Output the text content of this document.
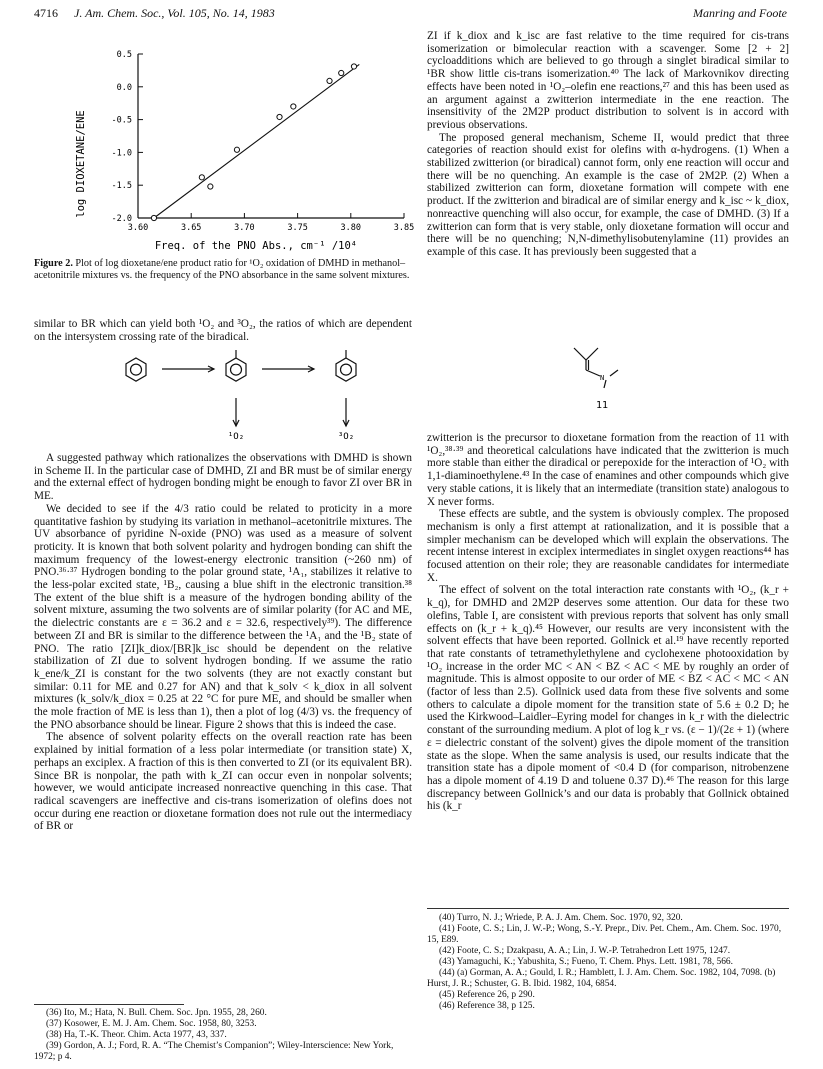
4716 J. Am. Chem. Soc., Vol. 105, No. 14, 1983	Manring and Foote
3.60	3.65	3.70	3.75	3.80	3.85
0.5
0.0
-0.5
-1.0
-1.5
-2.0
log DIOXETANE/ENE
Freq. of the PNO Abs., cm⁻¹ /10⁴
Figure 2. Plot of log dioxetane/ene product ratio for ¹O₂ oxidation of DMHD in methanol–acetonitrile mixtures vs. the frequency of the PNO absorbance in the same solvent mixtures.

similar to BR which can yield both ¹O₂ and ³O₂, the ratios of which are dependent on the intersystem crossing rate of the biradical.

¹O₂	³O₂

A suggested pathway which rationalizes the observations with DMHD is shown in Scheme II. In the particular case of DMHD, ZI and BR must be of similar energy and the external effect of hydrogen bonding might be enough to favor ZI over BR in ME.

We decided to see if the 4/3 ratio could be related to proticity in a more quantitative fashion by studying its variation in methanol–acetonitrile mixtures. The UV absorbance of pyridine N-oxide (PNO) was used as a measure of solvent proticity. It is known that both solvent polarity and hydrogen bonding can shift the maximum frequency of the lowest-energy electronic transition (~260 nm) of PNO.³⁶·³⁷ Hydrogen bonding to the polar ground state, ¹A₁, stabilizes it relative to the less-polar excited state, ¹B₂, causing a blue shift in the electronic transition.³⁸ The extent of the blue shift is a measure of the hydrogen bonding ability of the solvent mixture, assuming the two solvents are of similar polarity (for AC and ME, the dielectric constants are ε = 36.2 and ε = 32.6, respectively³⁹). The difference between ZI and BR is similar to the difference between the ¹A₁ and the ¹B₂ state of PNO. The ratio [ZI]k_diox/[BR]k_isc should be dependent on the relative stabilization of ZI due to solvent hydrogen bonding. If we assume the ratio k_ene/k_ZI is constant for the two solvents (they are not exactly constant but similar: 0.11 for ME and 0.27 for AN) and that k_solv < k_diox in all solvent mixtures (k_solv/k_diox = 0.25 at 22 °C for pure ME, and should be smaller when the mole fraction of ME is less than 1), then a plot of log (4/3) vs. the frequency of the PNO absorbance should be linear. Figure 2 shows that this is indeed the case.

The absence of solvent polarity effects on the overall reaction rate has been explained by initial formation of a less polar intermediate (or transition state) X, perhaps an exciplex. A fraction of this is then converted to ZI (or its equivalent BR). Since BR is nonpolar, the path with k_ZI can occur even in nonpolar solvents; however, we would anticipate increased nonreactive quenching in this case. That radical scavengers are ineffective and cis-trans isomerization of olefins does not occur during ene reaction or dioxetane formation does not rule out the intermediacy of BR or

(36) Ito, M.; Hata, N. Bull. Chem. Soc. Jpn. 1955, 28, 260.
(37) Kosower, E. M. J. Am. Chem. Soc. 1958, 80, 3253.
(38) Ha, T.-K. Theor. Chim. Acta 1977, 43, 337.
(39) Gordon, A. J.; Ford, R. A. “The Chemist’s Companion”; Wiley-Interscience: New York, 1972; p 4.

ZI if k_diox and k_isc are fast relative to the time required for cis-trans isomerization or bimolecular reaction with a scavenger. Some [2 + 2] cycloadditions which are believed to go through a singlet biradical similar to ¹BR show little cis-trans isomerization.⁴⁰ The lack of Markovnikov directing effects have been noted in ¹O₂–olefin ene reactions,²⁷ and this has been used as an argument against a zwitterion intermediate in the ene reaction. The insensitivity of the 2M2P product distribution to solvent is in accord with previous observations.

The proposed general mechanism, Scheme II, would predict that three categories of reaction should exist for olefins with α-hydrogens. (1) When a stabilized zwitterion (or biradical) cannot form, only ene reaction will occur and there will be no quenching. An example is the case of 2M2P. (2) When a stabilized zwitterion can form, dioxetane formation will compete with ene product. If the zwitterion and biradical are of similar energy and k_isc ~ k_diox, nonreactive quenching will also occur, for example, the case of DMHD. (3) If a zwitterion can form that is very stable, only dioxetane formation will occur and there will be no quenching; N,N-dimethylisobutenylamine (11) provides an example of this case. It has previously been suggested that a

N
11

zwitterion is the precursor to dioxetane formation from the reaction of 11 with ¹O₂,³⁸·³⁹ and theoretical calculations have indicated that the zwitterion is much more stable than either the diradical or perepoxide for the interaction of ¹O₂ with 1,1-diaminoethylene.⁴³ In the case of enamines and other compounds which give very stable cations, it is likely that an intermediate (transition state) analogous to X never forms.

These effects are subtle, and the system is obviously complex. The proposed mechanism is only a first attempt at rationalization, and it is possible that a simpler mechanism can be developed which will explain the observations. The recent intense interest in exciplex intermediates in singlet oxygen reactions⁴⁴ has focused attention on their role; they are reasonable candidates for intermediate X.

The effect of solvent on the total interaction rate constants with ¹O₂, (k_r + k_q), for DMHD and 2M2P deserves some attention. Our data for these two olefins, Table I, are consistent with previous reports that solvent has only small effects on (k_r + k_q).⁴⁵ However, our results are very inconsistent with the solvent effects that have been reported. Gollnick et al.¹⁹ have recently reported that rate constants of tetramethylethylene and cyclohexene photooxidation by ¹O₂ increase in the order MC < AN < BZ < AC < ME by roughly an order of magnitude. This is almost opposite to our order of ME < BZ < AC < MC < AN (factor of less than 2.5). Gollnick used data from these five solvents and some others to calculate a dipole moment for the transition state of 5.6 ± 0.2 D; he used the Kirkwood–Laidler–Eyring model for changes in k_r with the dielectric constant of the surrounding medium. A plot of log k_r vs. (ε − 1)/(2ε + 1) (where ε = dielectric constant of the solvent) gives the dipole moment of the transition state as the slope. When the same analysis is used, our results indicate that the transition state has a dipole moment of <0.4 D (for comparison, nitrobenzene has a dipole moment of 4.19 D and toluene 0.37 D).⁴⁶ The reason for this large discrepancy between Gollnick’s and our data is probably that Gollnick obtained his (k_r

(40) Turro, N. J.; Wriede, P. A. J. Am. Chem. Soc. 1970, 92, 320.
(41) Foote, C. S.; Lin, J. W.-P.; Wong, S.-Y. Prepr., Div. Pet. Chem., Am. Chem. Soc. 1970, 15, E89.
(42) Foote, C. S.; Dzakpasu, A. A.; Lin, J. W.-P. Tetrahedron Lett 1975, 1247.
(43) Yamaguchi, K.; Yabushita, S.; Fueno, T. Chem. Phys. Lett. 1981, 78, 566.
(44) (a) Gorman, A. A.; Gould, I. R.; Hamblett, I. J. Am. Chem. Soc. 1982, 104, 7098. (b) Hurst, J. R.; Schuster, G. B. Ibid. 1982, 104, 6854.
(45) Reference 26, p 290.
(46) Reference 38, p 125.
